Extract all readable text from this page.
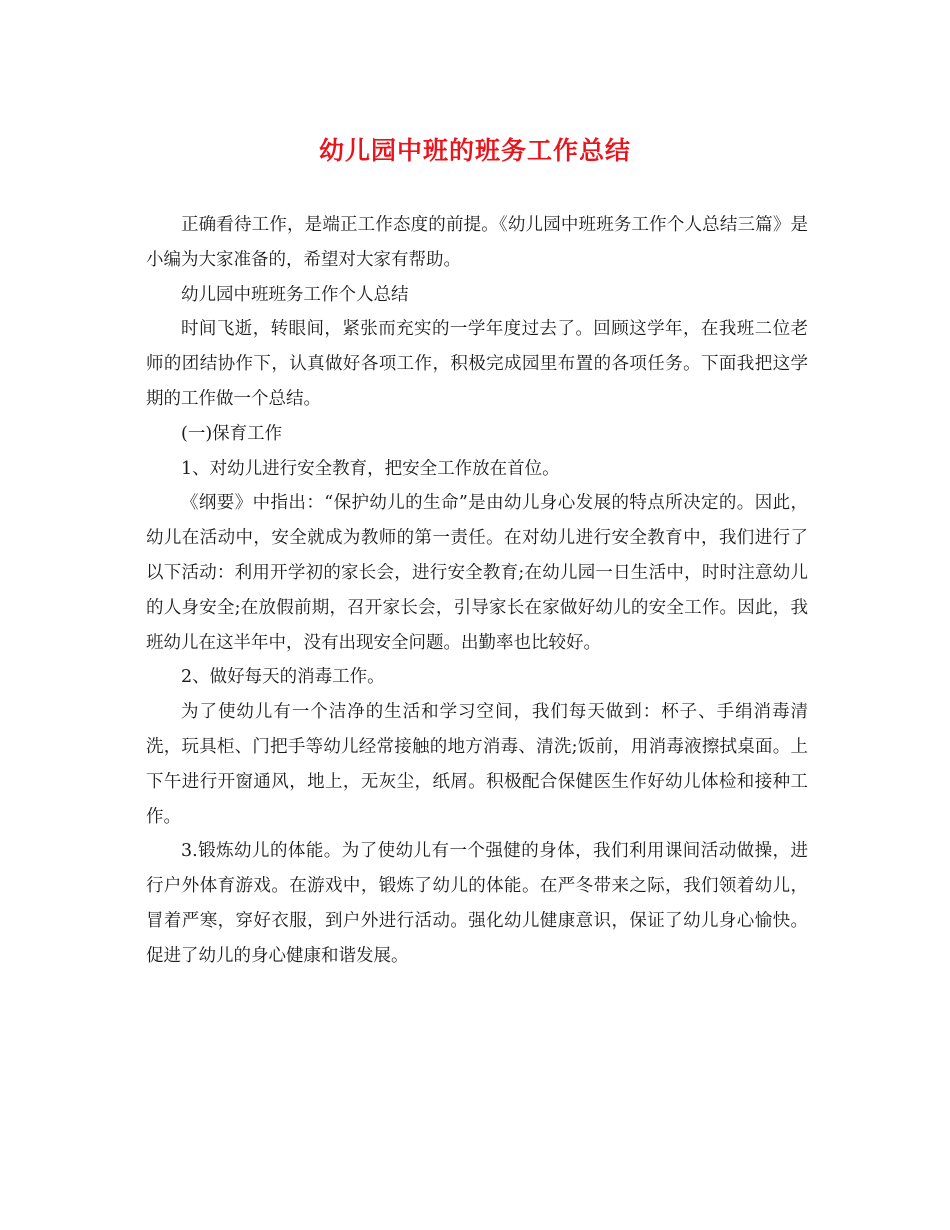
幼儿园中班的班务工作总结

正确看待工作，是端正工作态度的前提。《幼儿园中班班务工作个人总结三篇》是小编为大家准备的，希望对大家有帮助。

幼儿园中班班务工作个人总结

时间飞逝，转眼间，紧张而充实的一学年度过去了。回顾这学年，在我班二位老师的团结协作下，认真做好各项工作，积极完成园里布置的各项任务。下面我把这学期的工作做一个总结。

(一)保育工作

1、对幼儿进行安全教育，把安全工作放在首位。

《纲要》中指出：“保护幼儿的生命”是由幼儿身心发展的特点所决定的。因此，幼儿在活动中，安全就成为教师的第一责任。在对幼儿进行安全教育中，我们进行了以下活动：利用开学初的家长会，进行安全教育;在幼儿园一日生活中，时时注意幼儿的人身安全;在放假前期，召开家长会，引导家长在家做好幼儿的安全工作。因此，我班幼儿在这半年中，没有出现安全问题。出勤率也比较好。

2、做好每天的消毒工作。

为了使幼儿有一个洁净的生活和学习空间，我们每天做到：杯子、手绢消毒清洗，玩具柜、门把手等幼儿经常接触的地方消毒、清洗;饭前，用消毒液擦拭桌面。上下午进行开窗通风，地上，无灰尘，纸屑。积极配合保健医生作好幼儿体检和接种工作。

3.锻炼幼儿的体能。为了使幼儿有一个强健的身体，我们利用课间活动做操，进行户外体育游戏。在游戏中，锻炼了幼儿的体能。在严冬带来之际，我们领着幼儿，冒着严寒，穿好衣服，到户外进行活动。强化幼儿健康意识，保证了幼儿身心愉快。促进了幼儿的身心健康和谐发展。
